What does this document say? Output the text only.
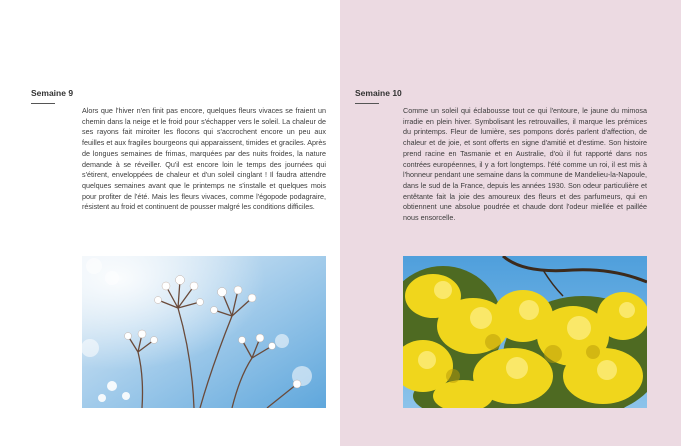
Semaine 9

Alors que l'hiver n'en finit pas encore, quelques fleurs vivaces se fraient un chemin dans la neige et le froid pour s'échapper vers le soleil. La chaleur de ses rayons fait miroiter les flocons qui s'accrochent encore un peu aux feuilles et aux fragiles bourgeons qui apparaissent, timides et graciles. Après de longues semaines de frimas, marquées par des nuits froides, la nature demande à se réveiller. Qu'il est encore loin le temps des journées qui s'étirent, enveloppées de chaleur et d'un soleil cinglant ! Il faudra attendre quelques semaines avant que le printemps ne s'installe et quelques mois pour profiter de l'été. Mais les fleurs vivaces, comme l'égopode podagraire, résistent au froid et continuent de pousser malgré les conditions difficiles.

Semaine 10

Comme un soleil qui éclabousse tout ce qui l'entoure, le jaune du mimosa irradie en plein hiver. Symbolisant les retrouvailles, il marque les prémices du printemps. Fleur de lumière, ses pompons dorés parlent d'affection, de chaleur et de joie, et sont offerts en signe d'amitié et d'estime. Son histoire prend racine en Tasmanie et en Australie, d'où il fut rapporté dans nos contrées européennes, il y a fort longtemps. l'été comme un roi, il est mis à l'honneur pendant une semaine dans la commune de Mandelieu-la-Napoule, dans le sud de la France, depuis les années 1930. Son odeur particulière et entêtante fait la joie des amoureux des fleurs et des parfumeurs, qui en obtiennent une absolue poudrée et chaude dont l'odeur miellée et paillée nous ensorcelle.
